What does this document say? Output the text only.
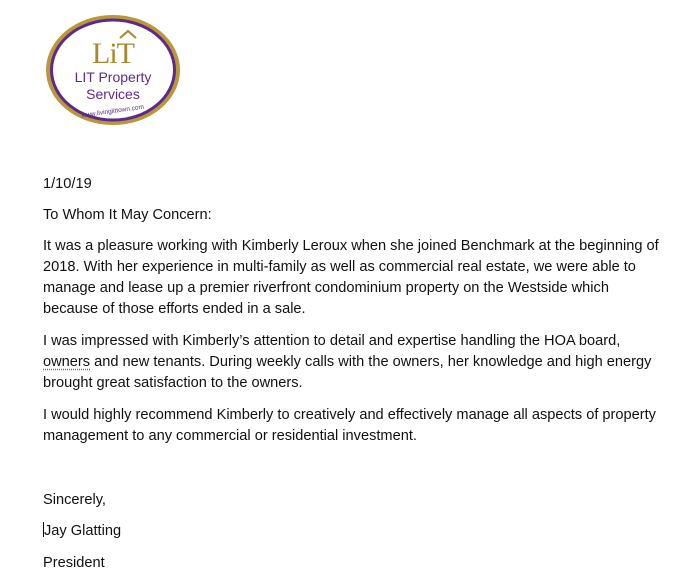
LiT
LIT Property
Services
www.livinglittown.com

1/10/19

To Whom It May Concern:

It was a pleasure working with Kimberly Leroux when she joined Benchmark at the beginning of
2018. With her experience in multi-family as well as commercial real estate, we were able to
manage and lease up a premier riverfront condominium property on the Westside which
because of those efforts ended in a sale.

I was impressed with Kimberly’s attention to detail and expertise handling the HOA board,
owners and new tenants. During weekly calls with the owners, her knowledge and high energy
brought great satisfaction to the owners.

I would highly recommend Kimberly to creatively and effectively manage all aspects of property
management to any commercial or residential investment.

Sincerely,

Jay Glatting

President
